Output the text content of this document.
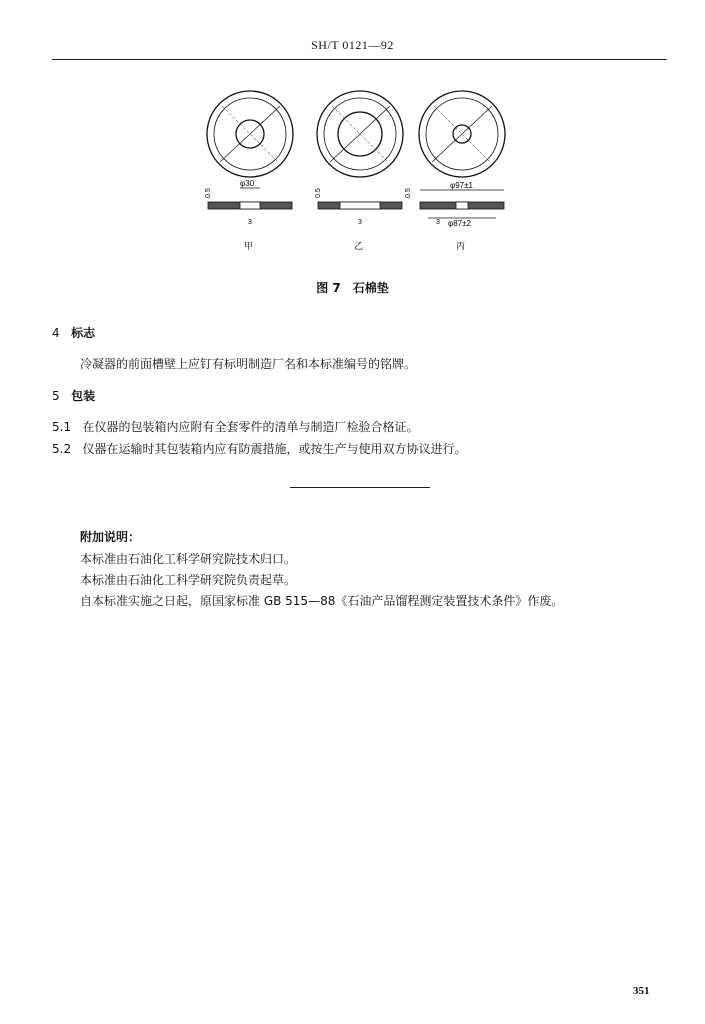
SH/T 0121—92
φ30
0.5
3
甲
0.5
3
乙
φ97±1
φ87±2
0.5
3
丙
图 7　石棉垫
4 标志
冷凝器的前面槽壁上应钉有标明制造厂名和本标准编号的铭牌。
5 包装
5.1 在仪器的包装箱内应附有全套零件的清单与制造厂检验合格证。
5.2 仪器在运输时其包装箱内应有防震措施，或按生产与使用双方协议进行。
附加说明：
本标准由石油化工科学研究院技术归口。
本标准由石油化工科学研究院负责起草。
自本标准实施之日起，原国家标准 GB 515—88《石油产品馏程测定装置技术条件》作废。
351
